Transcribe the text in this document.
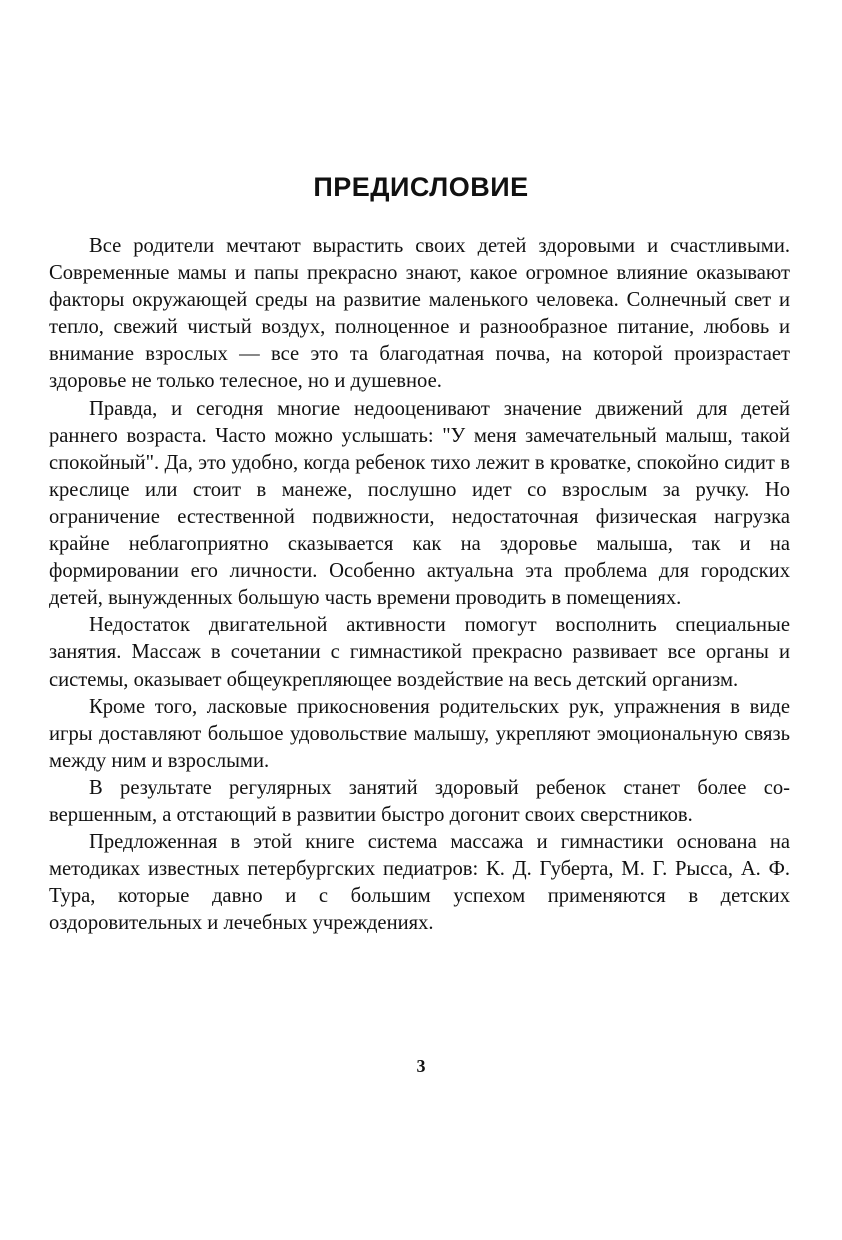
ПРЕДИСЛОВИЕ

Все родители мечтают вырастить своих детей здоровыми и счастливыми. Современные мамы и папы прекрасно знают, какое огромное влияние оказывают факторы окружающей среды на развитие маленького человека. Солнечный свет и тепло, свежий чистый воздух, полноценное и разнообразное питание, любовь и внимание взрослых — все это та благодатная почва, на которой произрастает здоровье не только телесное, но и душевное.

Правда, и сегодня многие недооценивают значение движений для детей раннего возраста. Часто можно услышать: "У меня замечательный малыш, такой спокойный". Да, это удобно, когда ребенок тихо лежит в кроватке, спокойно сидит в креслице или стоит в манеже, послушно идет со взрослым за ручку. Но ограничение естественной подвижности, недостаточная физическая нагрузка крайне неблагоприятно сказывается как на здоровье малыша, так и на формировании его личности. Особенно актуальна эта проблема для городских детей, вынужденных большую часть времени проводить в помещениях.

Недостаток двигательной активности помогут восполнить специальные занятия. Массаж в сочетании с гимнастикой прекрасно развивает все органы и системы, оказывает общеукрепляющее воздействие на весь детский организм.

Кроме того, ласковые прикосновения родительских рук, упражнения в виде игры доставляют большое удовольствие малышу, укрепляют эмоциональную связь между ним и взрослыми.

В результате регулярных занятий здоровый ребенок станет более совершенным, а отстающий в развитии быстро догонит своих сверстников.

Предложенная в этой книге система массажа и гимнастики основана на методиках известных петербургских педиатров: К. Д. Губерта, М. Г. Рысса, А. Ф. Тура, которые давно и с большим успехом применяются в детских оздоровительных и лечебных учреждениях.

3
